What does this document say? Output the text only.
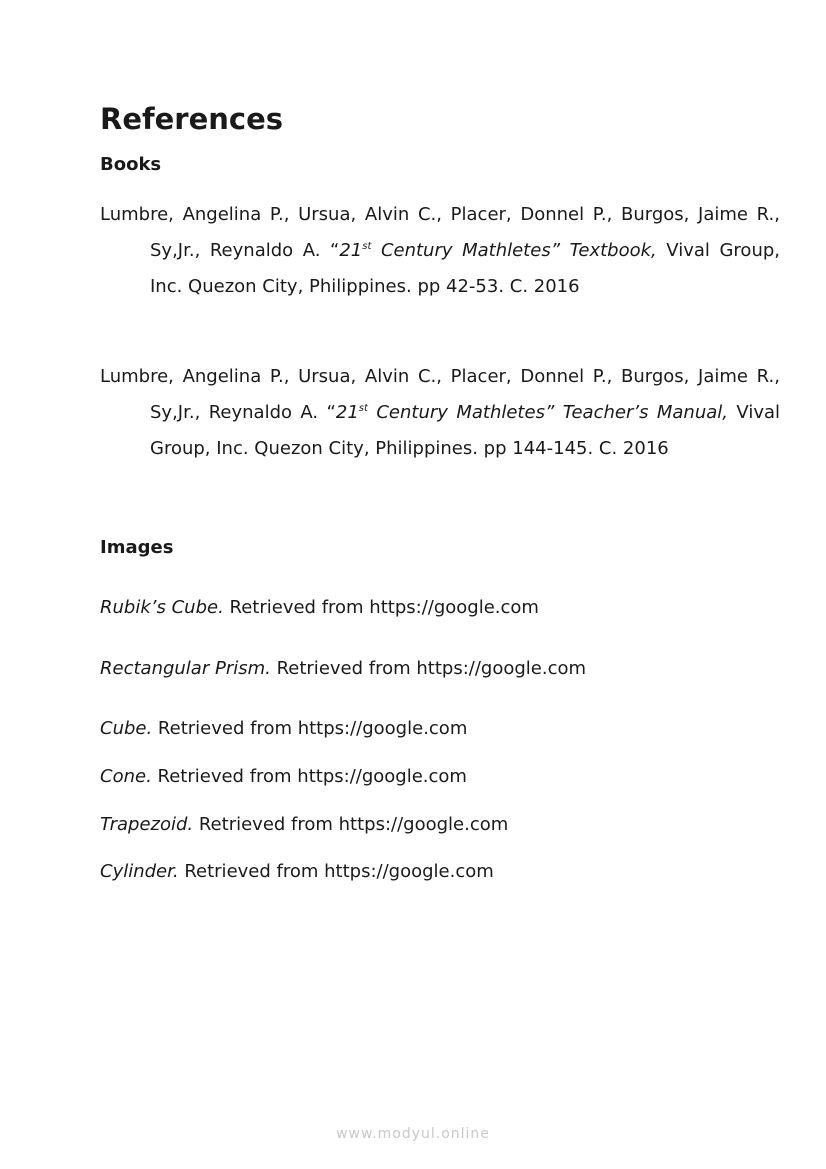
References
Books

Lumbre, Angelina P., Ursua, Alvin C., Placer, Donnel P., Burgos, Jaime R., Sy,Jr., Reynaldo A. “21st Century Mathletes” Textbook, Vival Group, Inc. Quezon City, Philippines. pp 42-53. C. 2016

Lumbre, Angelina P., Ursua, Alvin C., Placer, Donnel P., Burgos, Jaime R., Sy,Jr., Reynaldo A. “21st Century Mathletes” Teacher’s Manual, Vival Group, Inc. Quezon City, Philippines. pp 144-145. C. 2016

Images

Rubik’s Cube. Retrieved from https://google.com

Rectangular Prism. Retrieved from https://google.com

Cube. Retrieved from https://google.com

Cone. Retrieved from https://google.com

Trapezoid. Retrieved from https://google.com

Cylinder. Retrieved from https://google.com

www.modyul.online
